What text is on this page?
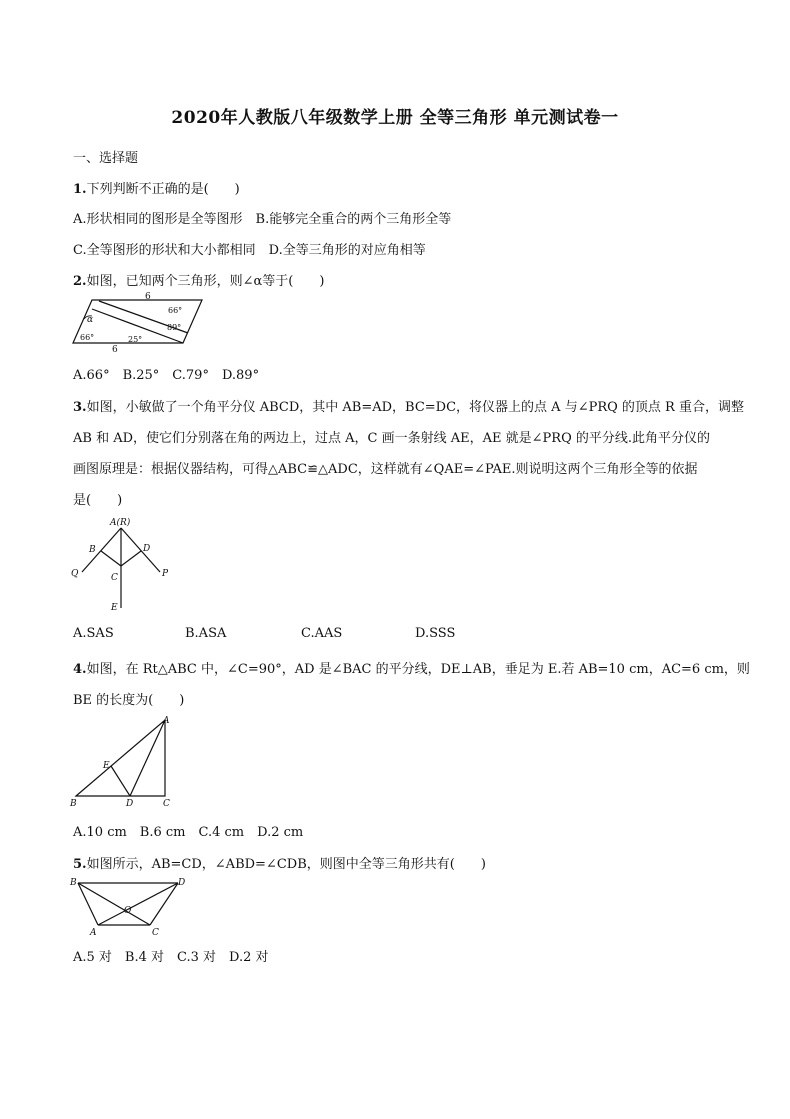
2020年人教版八年级数学上册 全等三角形 单元测试卷一
一、选择题
1.下列判断不正确的是(　　)
A.形状相同的图形是全等图形　B.能够完全重合的两个三角形全等
C.全等图形的形状和大小都相同　D.全等三角形的对应角相等
2.如图，已知两个三角形，则∠α等于(　　)
6
66°
89°
α
66°	25°
6
A.66°　B.25°　C.79°　D.89°
3.如图，小敏做了一个角平分仪 ABCD，其中 AB=AD，BC=DC，将仪器上的点 A 与∠PRQ 的顶点 R 重合，调整
AB 和 AD，使它们分别落在角的两边上，过点 A，C 画一条射线 AE，AE 就是∠PRQ 的平分线.此角平分仪的
画图原理是：根据仪器结构，可得△ABC≌△ADC，这样就有∠QAE=∠PAE.则说明这两个三角形全等的依据
是(　　)
A(R)
B	D
C
Q	P
E
A.SAS	B.ASA	C.AAS	D.SSS
4.如图，在 Rt△ABC 中，∠C=90°，AD 是∠BAC 的平分线，DE⊥AB，垂足为 E.若 AB=10 cm，AC=6 cm，则
BE 的长度为(　　)
A
E
B	D	C
A.10 cm　B.6 cm　C.4 cm　D.2 cm
5.如图所示，AB=CD，∠ABD=∠CDB，则图中全等三角形共有(　　)
B	D
O
A	C
A.5 对　B.4 对　C.3 对　D.2 对
